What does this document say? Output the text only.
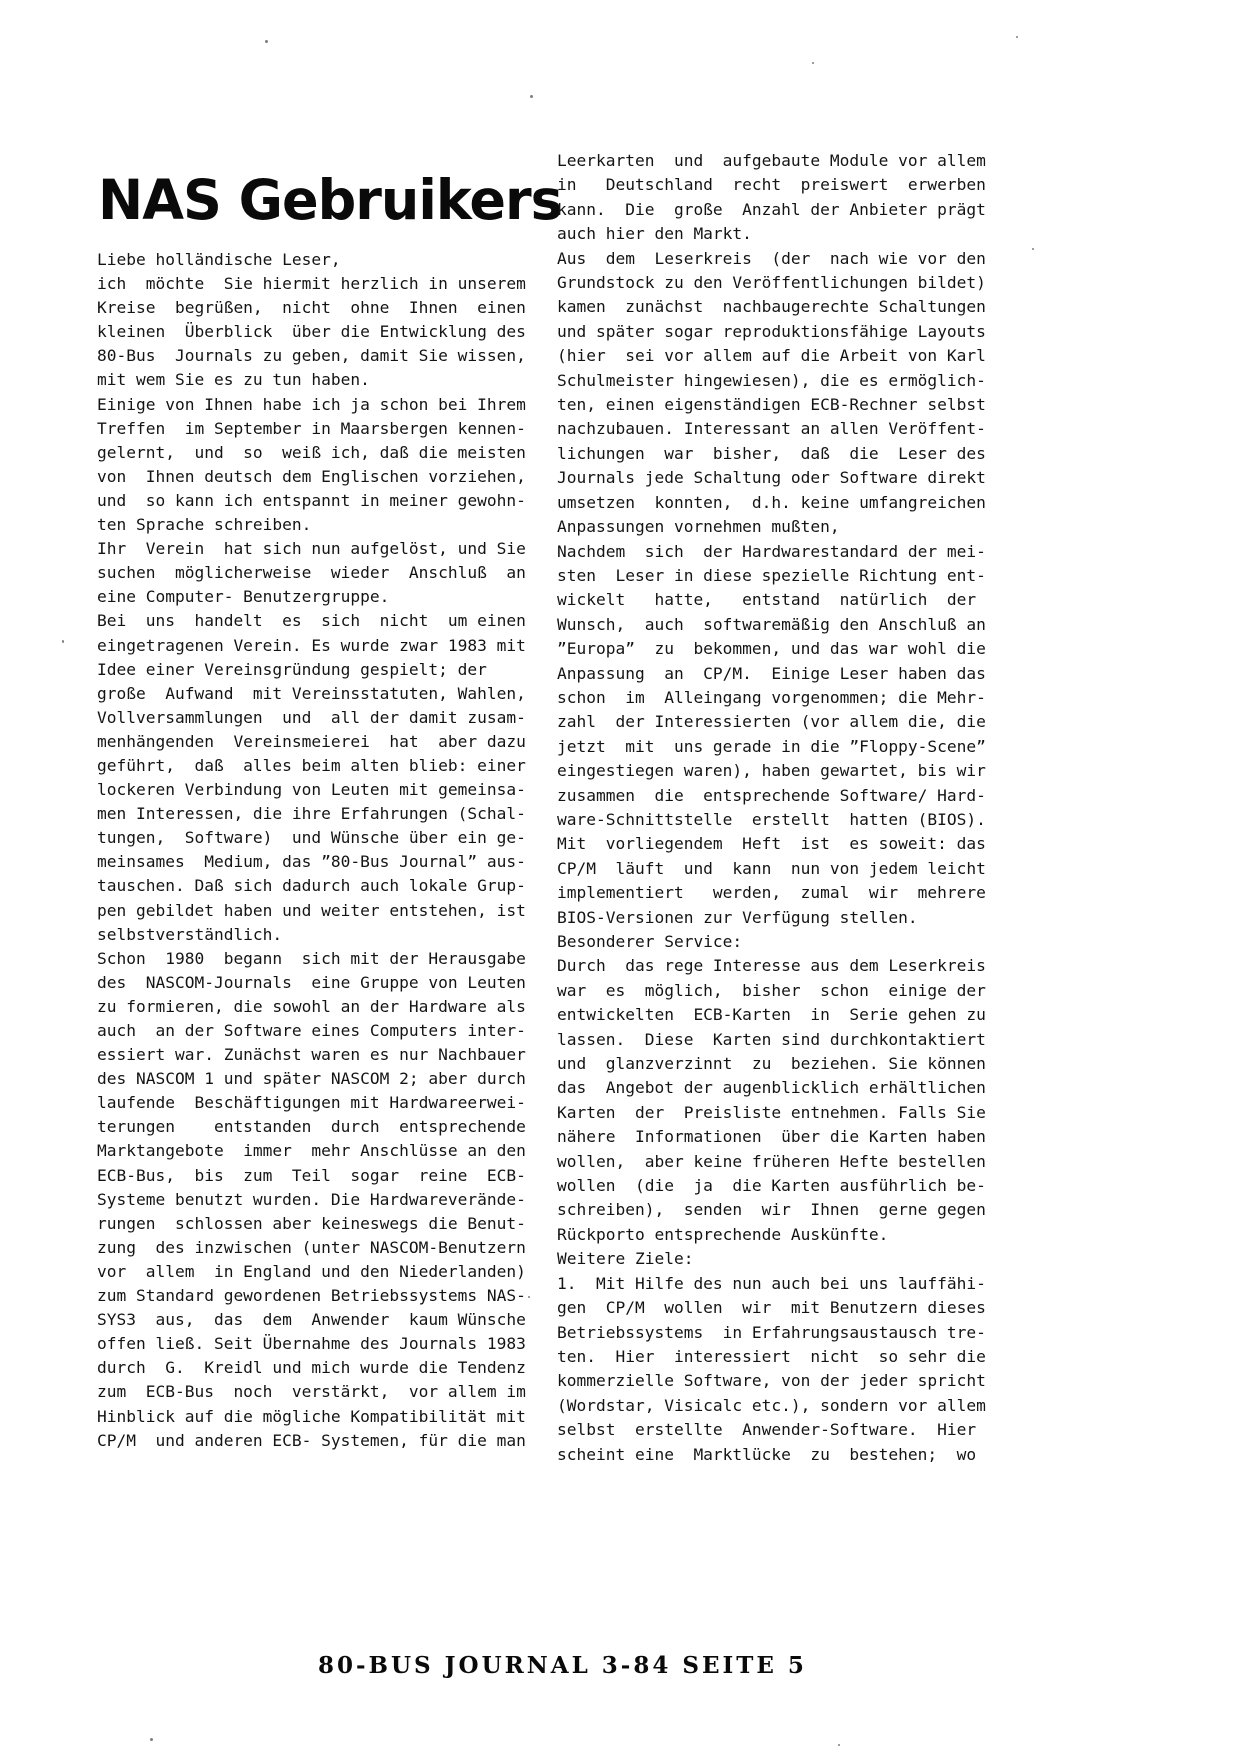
NAS Gebruikers
Liebe holländische Leser,
ich  möchte  Sie hiermit herzlich in unserem
Kreise  begrüßen,  nicht  ohne  Ihnen  einen
kleinen  Überblick  über die Entwicklung des
80-Bus  Journals zu geben, damit Sie wissen,
mit wem Sie es zu tun haben.
Einige von Ihnen habe ich ja schon bei Ihrem
Treffen  im September in Maarsbergen kennen-
gelernt,  und  so  weiß ich, daß die meisten
von  Ihnen deutsch dem Englischen vorziehen,
und  so kann ich entspannt in meiner gewohn-
ten Sprache schreiben.
Ihr  Verein  hat sich nun aufgelöst, und Sie
suchen  möglicherweise  wieder  Anschluß  an
eine Computer- Benutzergruppe.
Bei  uns  handelt  es  sich  nicht  um einen
eingetragenen Verein. Es wurde zwar 1983 mit
Idee einer Vereinsgründung gespielt; der
große  Aufwand  mit Vereinsstatuten, Wahlen,
Vollversammlungen  und  all der damit zusam-
menhängenden  Vereinsmeierei  hat  aber dazu
geführt,  daß  alles beim alten blieb: einer
lockeren Verbindung von Leuten mit gemeinsa-
men Interessen, die ihre Erfahrungen (Schal-
tungen,  Software)  und Wünsche über ein ge-
meinsames  Medium, das ”80-Bus Journal” aus-
tauschen. Daß sich dadurch auch lokale Grup-
pen gebildet haben und weiter entstehen, ist
selbstverständlich.
Schon  1980  begann  sich mit der Herausgabe
des  NASCOM-Journals  eine Gruppe von Leuten
zu formieren, die sowohl an der Hardware als
auch  an der Software eines Computers inter-
essiert war. Zunächst waren es nur Nachbauer
des NASCOM 1 und später NASCOM 2; aber durch
laufende  Beschäftigungen mit Hardwareerwei-
terungen    entstanden  durch  entsprechende
Marktangebote  immer  mehr Anschlüsse an den
ECB-Bus,  bis  zum  Teil  sogar  reine  ECB-
Systeme benutzt wurden. Die Hardwareverände-
rungen  schlossen aber keineswegs die Benut-
zung  des inzwischen (unter NASCOM-Benutzern
vor  allem  in England und den Niederlanden)
zum Standard gewordenen Betriebssystems NAS-
SYS3  aus,  das  dem  Anwender  kaum Wünsche
offen ließ. Seit Übernahme des Journals 1983
durch  G.  Kreidl und mich wurde die Tendenz
zum  ECB-Bus  noch  verstärkt,  vor allem im
Hinblick auf die mögliche Kompatibilität mit
CP/M  und anderen ECB- Systemen, für die man
Leerkarten  und  aufgebaute Module vor allem
in   Deutschland  recht  preiswert  erwerben
kann.  Die  große  Anzahl der Anbieter prägt
auch hier den Markt.
Aus  dem  Leserkreis  (der  nach wie vor den
Grundstock zu den Veröffentlichungen bildet)
kamen  zunächst  nachbaugerechte Schaltungen
und später sogar reproduktionsfähige Layouts
(hier  sei vor allem auf die Arbeit von Karl
Schulmeister hingewiesen), die es ermöglich-
ten, einen eigenständigen ECB-Rechner selbst
nachzubauen. Interessant an allen Veröffent-
lichungen  war  bisher,  daß  die  Leser des
Journals jede Schaltung oder Software direkt
umsetzen  konnten,  d.h. keine umfangreichen
Anpassungen vornehmen mußten,
Nachdem  sich  der Hardwarestandard der mei-
sten  Leser in diese spezielle Richtung ent-
wickelt   hatte,   entstand  natürlich  der
Wunsch,  auch  softwaremäßig den Anschluß an
”Europa”  zu  bekommen, und das war wohl die
Anpassung  an  CP/M.  Einige Leser haben das
schon  im  Alleingang vorgenommen; die Mehr-
zahl  der Interessierten (vor allem die, die
jetzt  mit  uns gerade in die ”Floppy-Scene”
eingestiegen waren), haben gewartet, bis wir
zusammen  die  entsprechende Software/ Hard-
ware-Schnittstelle  erstellt  hatten (BIOS).
Mit  vorliegendem  Heft  ist  es soweit: das
CP/M  läuft  und  kann  nun von jedem leicht
implementiert   werden,  zumal  wir  mehrere
BIOS-Versionen zur Verfügung stellen.
Besonderer Service:
Durch  das rege Interesse aus dem Leserkreis
war  es  möglich,  bisher  schon  einige der
entwickelten  ECB-Karten  in  Serie gehen zu
lassen.  Diese  Karten sind durchkontaktiert
und  glanzverzinnt  zu  beziehen. Sie können
das  Angebot der augenblicklich erhältlichen
Karten  der  Preisliste entnehmen. Falls Sie
nähere  Informationen  über die Karten haben
wollen,  aber keine früheren Hefte bestellen
wollen  (die  ja  die Karten ausführlich be-
schreiben),  senden  wir  Ihnen  gerne gegen
Rückporto entsprechende Auskünfte.
Weitere Ziele:
1.  Mit Hilfe des nun auch bei uns lauffähi-
gen  CP/M  wollen  wir  mit Benutzern dieses
Betriebssystems  in Erfahrungsaustausch tre-
ten.  Hier  interessiert  nicht  so sehr die
kommerzielle Software, von der jeder spricht
(Wordstar, Visicalc etc.), sondern vor allem
selbst  erstellte  Anwender-Software.  Hier
scheint eine  Marktlücke  zu  bestehen;  wo
80-BUS JOURNAL 3-84 SEITE 5
